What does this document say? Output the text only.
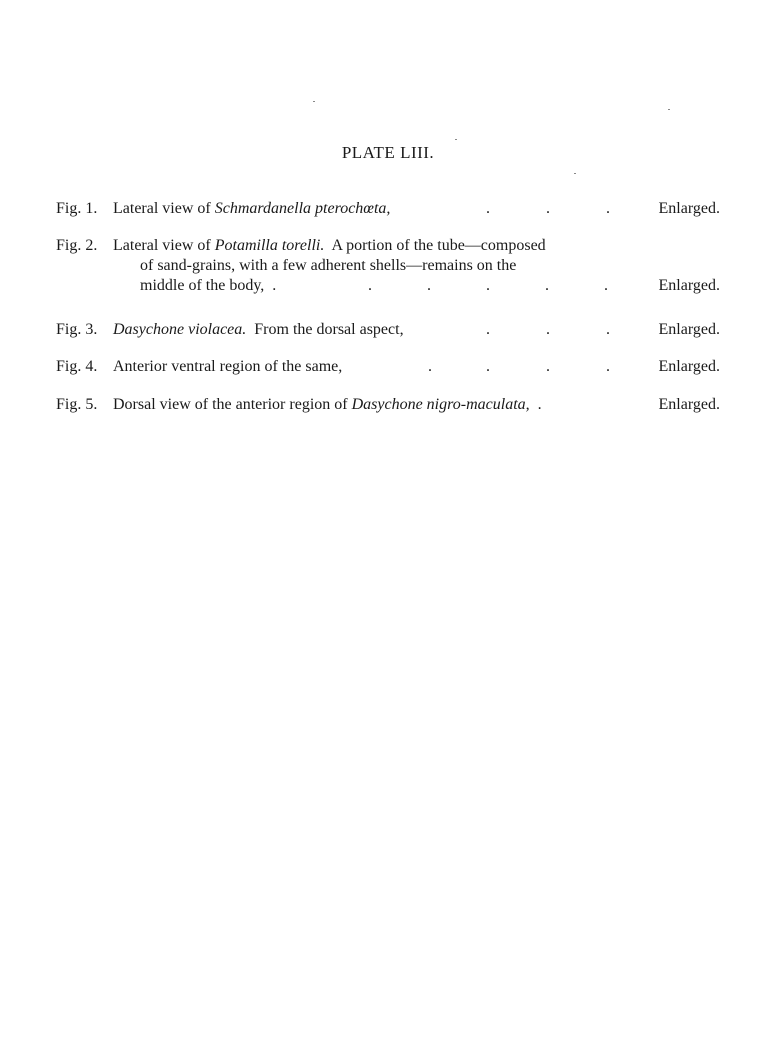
PLATE LIII.
Fig. 1. Lateral view of Schmardanella pterochœta,	.	.	.	Enlarged.
Fig. 2. Lateral view of Potamilla torelli.  A portion of the tube—composed
of sand-grains, with a few adherent shells—remains on the
middle of the body,  .	.	.	.	.	.	Enlarged.
Fig. 3. Dasychone violacea.  From the dorsal aspect,	.	.	.	Enlarged.
Fig. 4. Anterior ventral region of the same,	.	.	.	.	Enlarged.
Fig. 5. Dorsal view of the anterior region of Dasychone nigro-maculata,  .	Enlarged.
